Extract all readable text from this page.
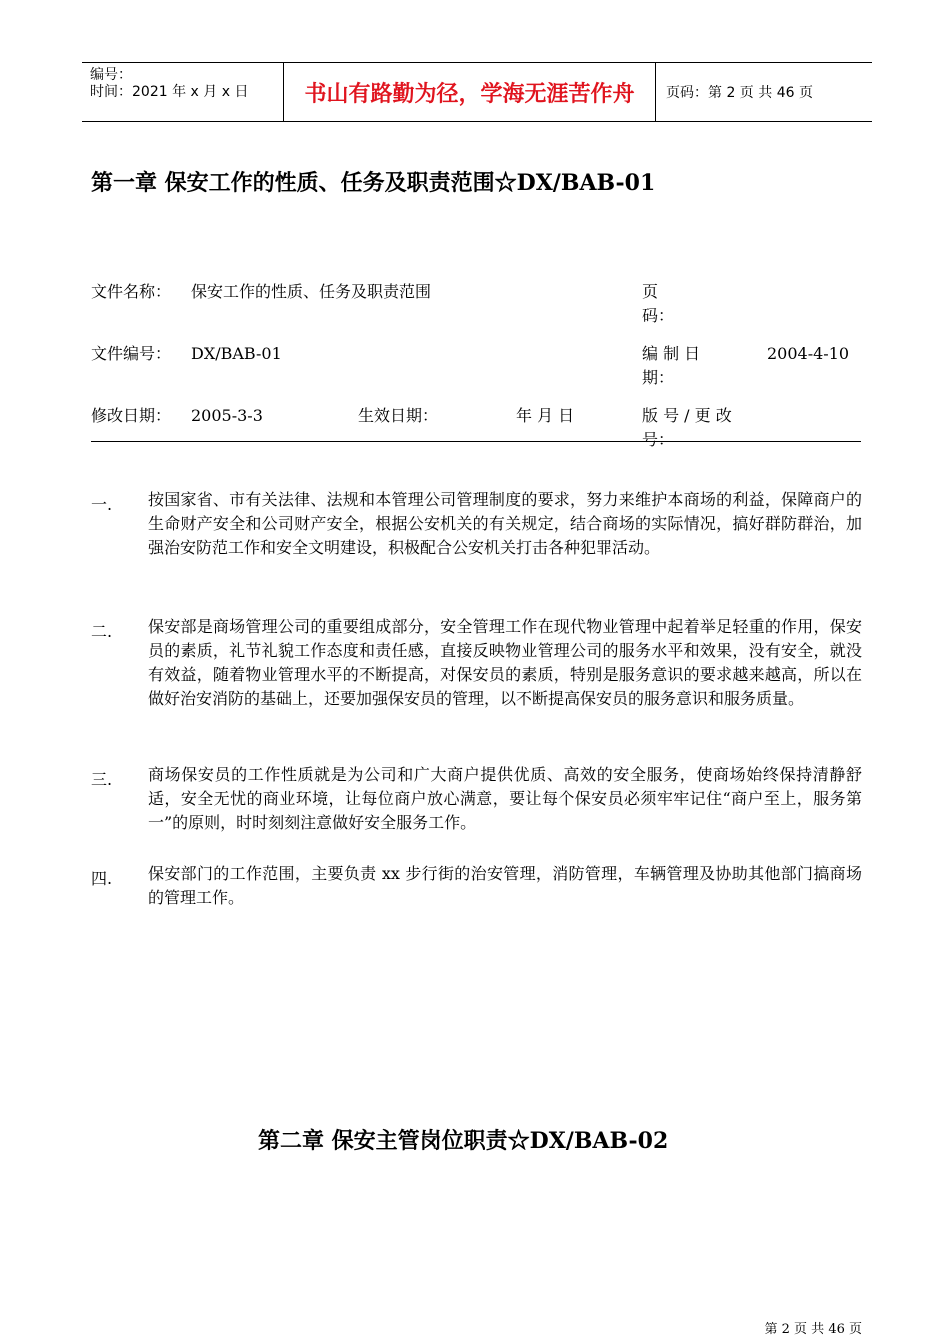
编号：
时间：2021 年 x 月 x 日	书山有路勤为径，学海无涯苦作舟	页码：第 2 页 共 46 页
第一章 保安工作的性质、任务及职责范围☆DX/BAB-01
文件名称： 保安工作的性质、任务及职责范围	页
码：
文件编号： DX/BAB-01	编 制 日	2004-4-10
期：
修改日期： 2005-3-3	生效日期：	年 月 日	版 号 / 更 改
号：
一. 按国家省、市有关法律、法规和本管理公司管理制度的要求，努力来维护本商场的利益，保障商户的生命财产安全和公司财产安全，根据公安机关的有关规定，结合商场的实际情况，搞好群防群治，加强治安防范工作和安全文明建设，积极配合公安机关打击各种犯罪活动。
二. 保安部是商场管理公司的重要组成部分，安全管理工作在现代物业管理中起着举足轻重的作用，保安员的素质，礼节礼貌工作态度和责任感，直接反映物业管理公司的服务水平和效果，没有安全，就没有效益，随着物业管理水平的不断提高，对保安员的素质，特别是服务意识的要求越来越高，所以在做好治安消防的基础上，还要加强保安员的管理，以不断提高保安员的服务意识和服务质量。
三. 商场保安员的工作性质就是为公司和广大商户提供优质、高效的安全服务，使商场始终保持清静舒适，安全无忧的商业环境，让每位商户放心满意，要让每个保安员必须牢牢记住“商户至上，服务第一”的原则，时时刻刻注意做好安全服务工作。
四. 保安部门的工作范围，主要负责 xx 步行街的治安管理，消防管理，车辆管理及协助其他部门搞商场的管理工作。
第二章 保安主管岗位职责☆DX/BAB-02
第 2 页 共 46 页
